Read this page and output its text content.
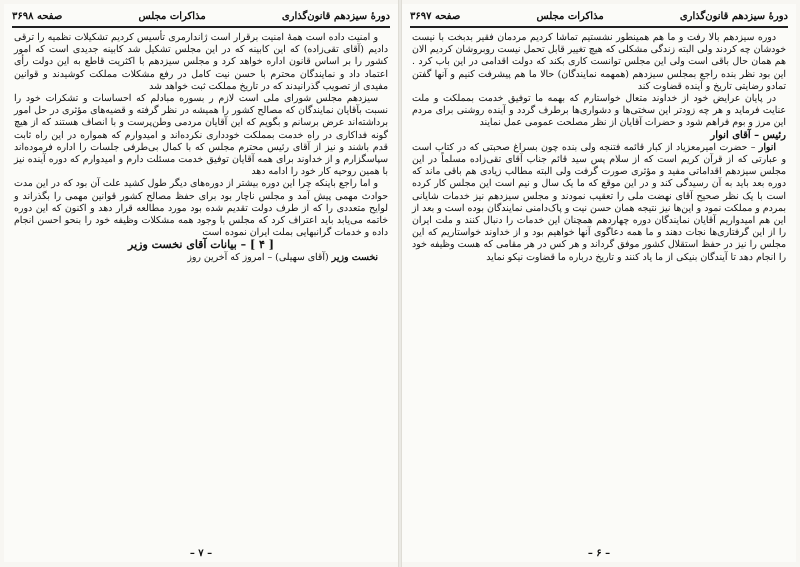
دورهٔ سیزدهم قانون‌گذاری
مذاکرات مجلس
صفحه ۳۶۹۷

دوره سیزدهم بالا رفت و ما هم همینطور نشستیم تماشا کردیم مردمان فقیر بدبخت با نیست خودشان چه کردند ولی البته زندگی مشکلی که هیچ تغییر قابل تحمل نیست روبروشان کردیم الان هم همان حال باقی است ولی این مجلس توانست کاری بکند که دولت اقدامی در این باب کرد . این بود نظر بنده راجع بمجلس سیزدهم (همهمه نمایندگان) حالا ما هم پیشرفت کنیم و آنها گفتن تمادو رضایتی تاریخ و آینده قضاوت کند

در پایان عرایض خود از خداوند متعال خواستارم که بهمه ما توفیق خدمت بمملکت و ملت عنایت فرماید و هر چه زودتر این سختی‌ها و دشواری‌ها برطرف گردد و آینده روشنی برای مردم این مرز و بوم فراهم شود و حضرات آقایان از نظر مصلحت عمومی عمل نمایند

رئیس – آقای انوار

انوار – حضرت امیرمعزیاد از کبار قائمه فتنجه ولی بنده چون بسراغ صحبتی که در کتاب است و عبارتی که از قرآن کریم است که از سلام پس سید قائم جناب آقای تقی‌زاده مسلماً در این مجلس سیزدهم اقداماتی مفید و مؤثری صورت گرفت ولی البته مطالب زیادی هم باقی ماند که دوره بعد باید به آن رسیدگی کند و در این موقع که ما یک سال و نیم است این مجلس کار کرده است با یک نظر صحیح آقای نهضت ملی را تعقیب نمودند و مجلس سیزدهم نیز خدمات شایانی بمردم و مملکت نمود و این‌ها نیز نتیجه همان حسن نیت و پاک‌دامنی نمایندگان بوده است و بعد از این هم امیدواریم آقایان نمایندگان دوره چهاردهم همچنان این خدمات را دنبال کنند و ملت ایران را از این گرفتاری‌ها نجات دهند و ما همه دعاگوی آنها خواهیم بود و از خداوند خواستاریم که این مجلس را نیز در حفظ استقلال کشور موفق گرداند و هر کس در هر مقامی که هست وظیفه خود را انجام دهد تا آیندگان بنیکی از ما یاد کنند و تاریخ درباره ما قضاوت نیکو نماید

– ۶ –
دورهٔ سیزدهم قانون‌گذاری
مذاکرات مجلس
صفحه ۳۶۹۸

و امنیت داده است همهٔ امنیت برقرار است ژاندارمری تأسیس کردیم تشکیلات نظمیه را ترقی دادیم (آقای تقی‌زاده) که این کابینه که در این مجلس تشکیل شد کابینه جدیدی است که امور کشور را بر اساس قانون اداره خواهد کرد و مجلس سیزدهم با اکثریت قاطع به این دولت رأی اعتماد داد و نمایندگان محترم با حسن نیت کامل در رفع مشکلات مملکت کوشیدند و قوانین مفیدی از تصویب گذرانیدند که در تاریخ مملکت ثبت خواهد شد

سیزدهم مجلس شورای ملی است لازم ر بسوره مبادلم که احساسات و تشکرات خود را نسبت بآقایان نمایندگان که مصالح کشور را همیشه در نظر گرفته و قضیه‌های مؤثری در حل امور برداشته‌اند عرض برسانم و بگویم که این آقایان مردمی وطن‌پرست و با انصاف هستند که از هیچ گونه فداکاری در راه خدمت بمملکت خودداری نکرده‌اند و امیدوارم که همواره در این راه ثابت قدم باشند و نیز از آقای رئیس محترم مجلس که با کمال بی‌طرفی جلسات را اداره فرموده‌اند سپاسگزارم و از خداوند برای همه آقایان توفیق خدمت مسئلت دارم و امیدوارم که دوره آینده نیز با همین روحیه کار خود را ادامه دهد

و اما راجع باینکه چرا این دوره بیشتر از دوره‌های دیگر طول کشید علت آن بود که در این مدت حوادث مهمی پیش آمد و مجلس ناچار بود برای حفظ مصالح کشور قوانین مهمی را بگذراند و لوایح متعددی را که از طرف دولت تقدیم شده بود مورد مطالعه قرار دهد و اکنون که این دوره خاتمه می‌یابد باید اعتراف کرد که مجلس با وجود همه مشکلات وظیفه خود را بنحو احسن انجام داده و خدمات گرانبهایی بملت ایران نموده است

[ ۴ ] – بیانات آقای نخست وزیر

نخست وزیر (آقای سهیلی) – امروز که آخرین روز

– ۷ –
